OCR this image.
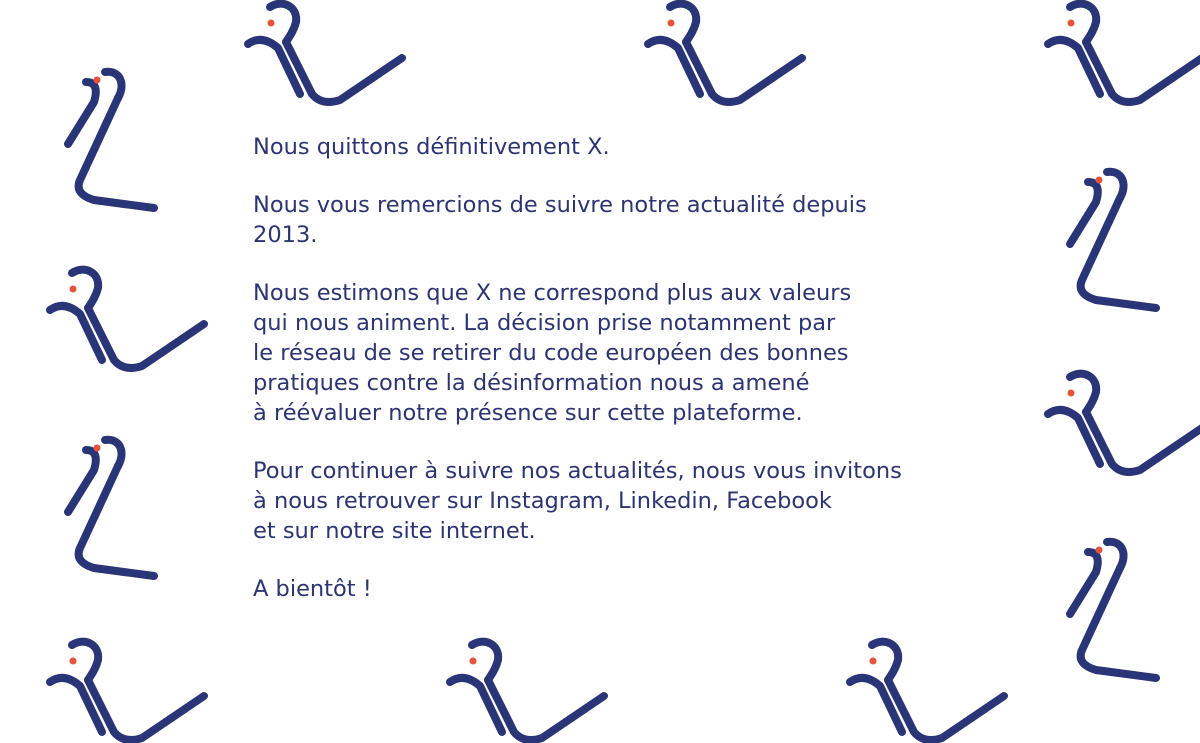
Nous quittons définitivement X.

Nous vous remercions de suivre notre actualité depuis
2013.

Nous estimons que X ne correspond plus aux valeurs
qui nous animent. La décision prise notamment par
le réseau de se retirer du code européen des bonnes
pratiques contre la désinformation nous a amené
à réévaluer notre présence sur cette plateforme.

Pour continuer à suivre nos actualités, nous vous invitons
à nous retrouver sur Instagram, Linkedin, Facebook
et sur notre site internet.

A bientôt !
